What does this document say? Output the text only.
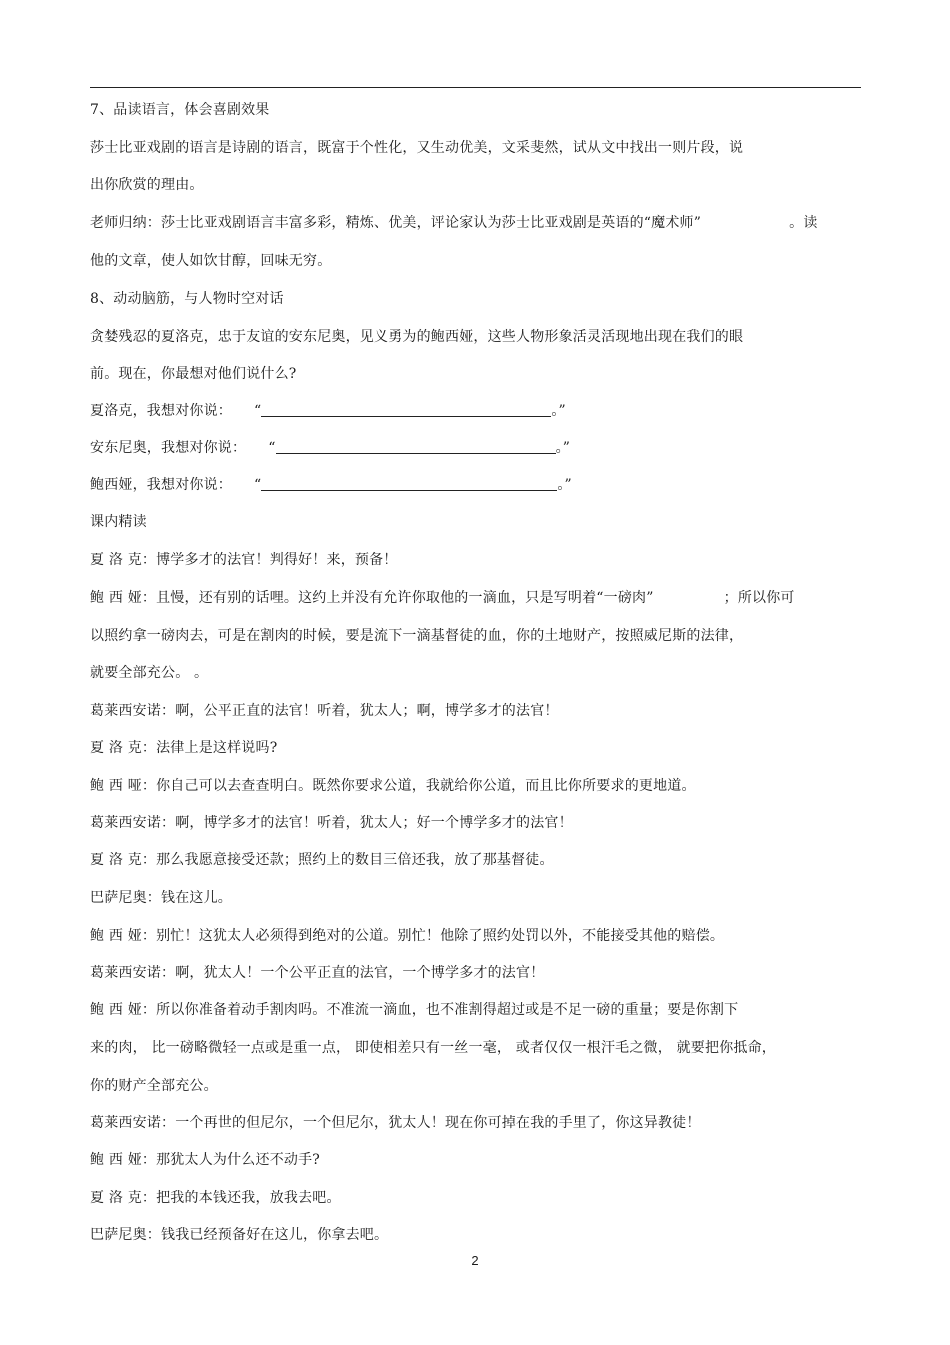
7、品读语言，体会喜剧效果
莎士比亚戏剧的语言是诗剧的语言，既富于个性化，又生动优美，文采斐然，试从文中找出一则片段，说
出你欣赏的理由。
老师归纳：莎士比亚戏剧语言丰富多彩，精炼、优美，评论家认为莎士比亚戏剧是英语的“魔术师”	。读
他的文章，使人如饮甘醇，回味无穷。
8、动动脑筋，与人物时空对话
贪婪残忍的夏洛克，忠于友谊的安东尼奥，见义勇为的鲍西娅，这些人物形象活灵活现地出现在我们的眼
前。现在，你最想对他们说什么?
夏洛克，我想对你说： “	。”
安东尼奥，我想对你说： “	。”
鲍西娅，我想对你说： “	。”
课内精读
夏 洛 克：博学多才的法官！判得好！来，预备！
鲍 西 娅：且慢，还有别的话哩。这约上并没有允许你取他的一滴血，只是写明着“一磅肉”	；所以你可
以照约拿一磅肉去，可是在割肉的时候，要是流下一滴基督徒的血，你的土地财产，按照威尼斯的法律，
就要全部充公。 。
葛莱西安诺：啊，公平正直的法官！听着，犹太人；啊，博学多才的法官！
夏 洛 克：法律上是这样说吗?
鲍 西 哑：你自己可以去查查明白。既然你要求公道，我就给你公道，而且比你所要求的更地道。
葛莱西安诺：啊，博学多才的法官！听着，犹太人；好一个博学多才的法官！
夏 洛 克：那么我愿意接受还款；照约上的数目三倍还我，放了那基督徒。
巴萨尼奥：钱在这儿。
鲍 西 娅：别忙！这犹太人必须得到绝对的公道。别忙！他除了照约处罚以外，不能接受其他的赔偿。
葛莱西安诺：啊，犹太人！一个公平正直的法官，一个博学多才的法官！
鲍 西 娅：所以你准备着动手割肉吗。不准流一滴血，也不准割得超过或是不足一磅的重量；要是你割下
来的肉， 比一磅略微轻一点或是重一点， 即使相差只有一丝一毫， 或者仅仅一根汗毛之微， 就要把你抵命，
你的财产全部充公。
葛莱西安诺：一个再世的但尼尔，一个但尼尔，犹太人！现在你可掉在我的手里了，你这异教徒！
鲍 西 娅：那犹太人为什么还不动手?
夏 洛 克：把我的本钱还我，放我去吧。
巴萨尼奥：钱我已经预备好在这儿，你拿去吧。
2
